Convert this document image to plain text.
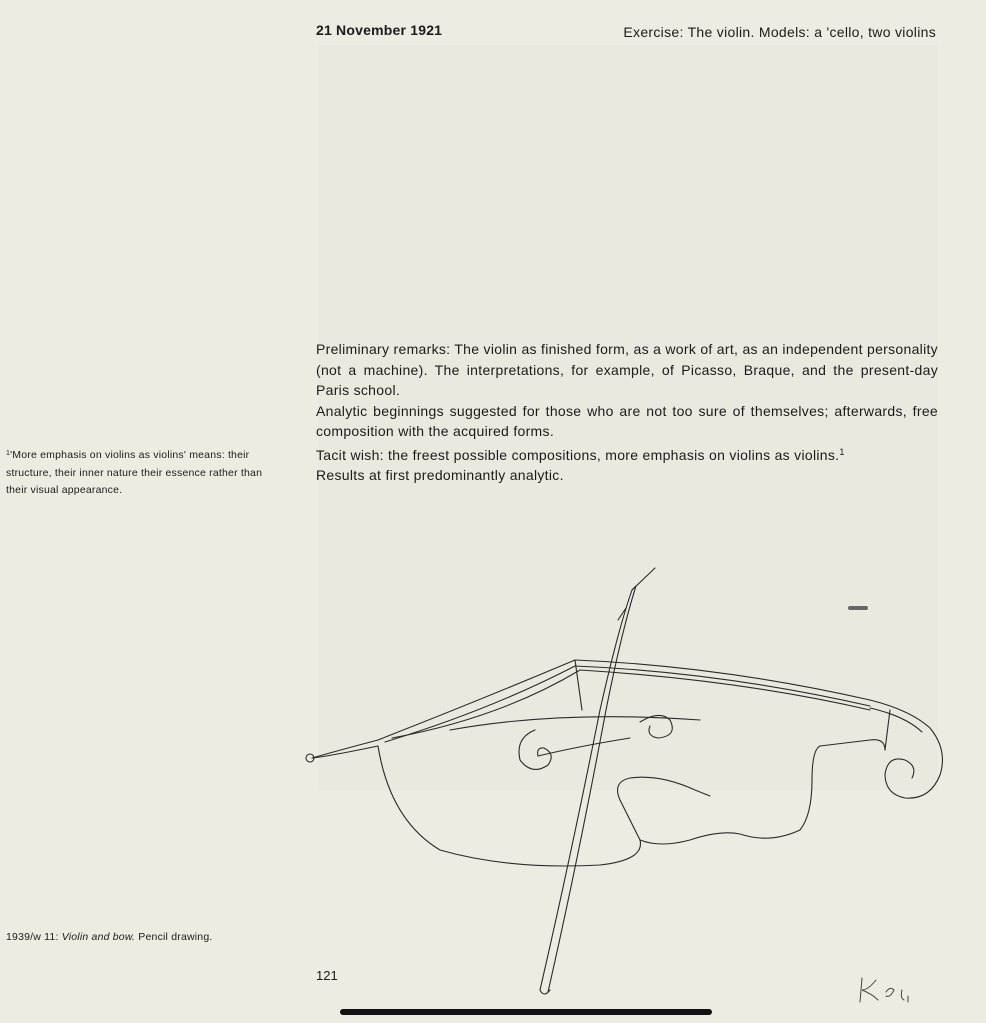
21 November 1921	Exercise: The violin. Models: a 'cello, two violins

Preliminary remarks: The violin as finished form, as a work of art, as an independent personality (not a machine). The interpretations, for example, of Picasso, Braque, and the present-day Paris school.

Analytic beginnings suggested for those who are not too sure of themselves; afterwards, free composition with the acquired forms.

Tacit wish: the freest possible compositions, more emphasis on violins as violins.$^1$

Results at first predominantly analytic.

$^1$'More emphasis on violins as violins' means: their structure, their inner nature their essence rather than their visual appearance.
1939/w 11: Violin and bow. Pencil drawing.
121
